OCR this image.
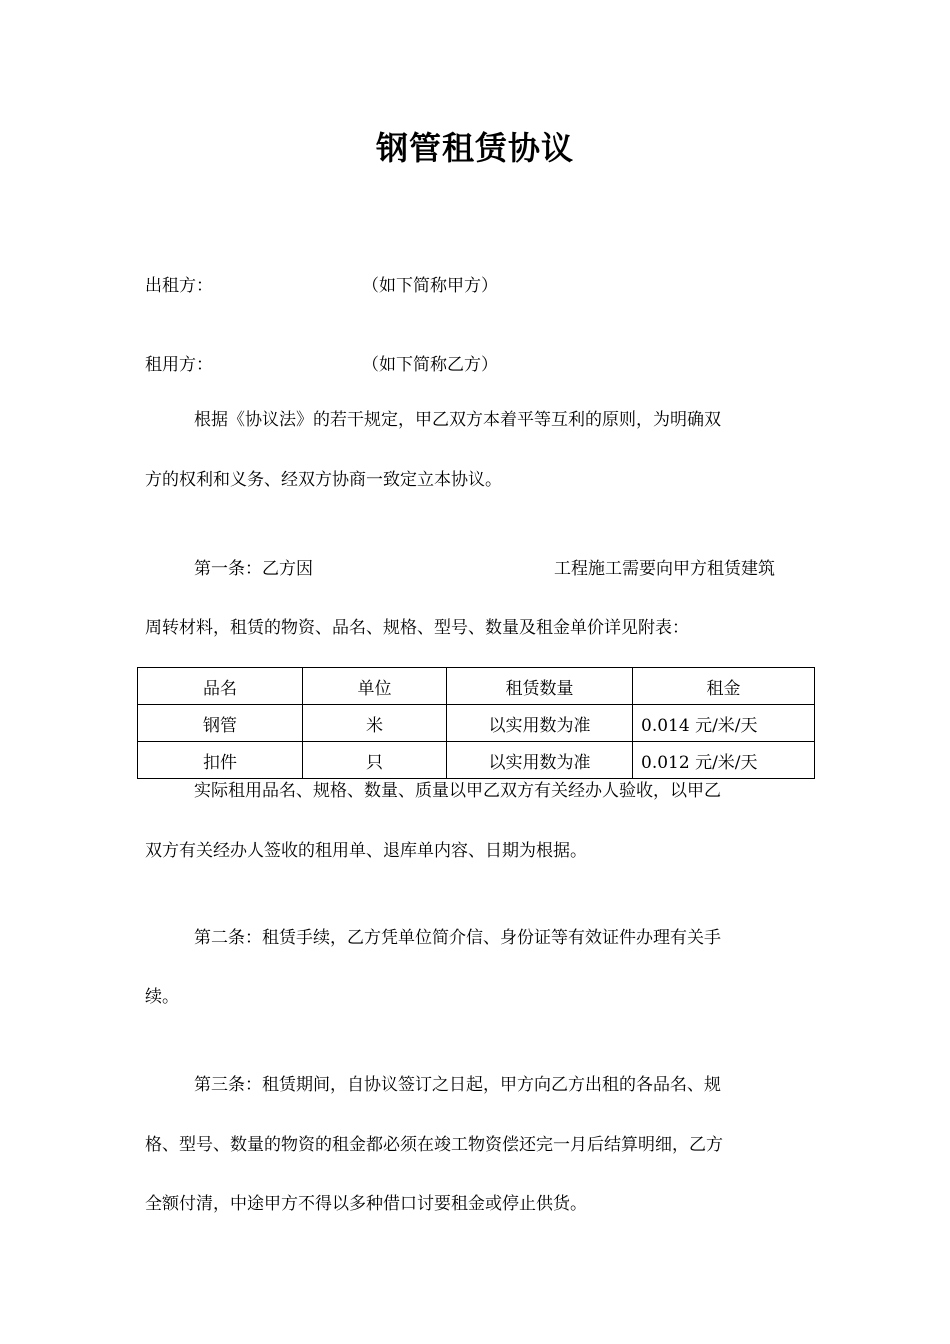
钢管租赁协议
出租方：	（如下简称甲方）
租用方：	（如下简称乙方）
根据《协议法》的若干规定，甲乙双方本着平等互利的原则，为明确双
方的权利和义务、经双方协商一致定立本协议。
第一条：乙方因	工程施工需要向甲方租赁建筑
周转材料，租赁的物资、品名、规格、型号、数量及租金单价详见附表：
品名	单位	租赁数量	租金
钢管	米	以实用数为准	0.014 元/米/天
扣件	只	以实用数为准	0.012 元/米/天
实际租用品名、规格、数量、质量以甲乙双方有关经办人验收，以甲乙
双方有关经办人签收的租用单、退库单内容、日期为根据。
第二条：租赁手续，乙方凭单位简介信、身份证等有效证件办理有关手
续。
第三条：租赁期间，自协议签订之日起，甲方向乙方出租的各品名、规
格、型号、数量的物资的租金都必须在竣工物资偿还完一月后结算明细，乙方
全额付清，中途甲方不得以多种借口讨要租金或停止供货。
